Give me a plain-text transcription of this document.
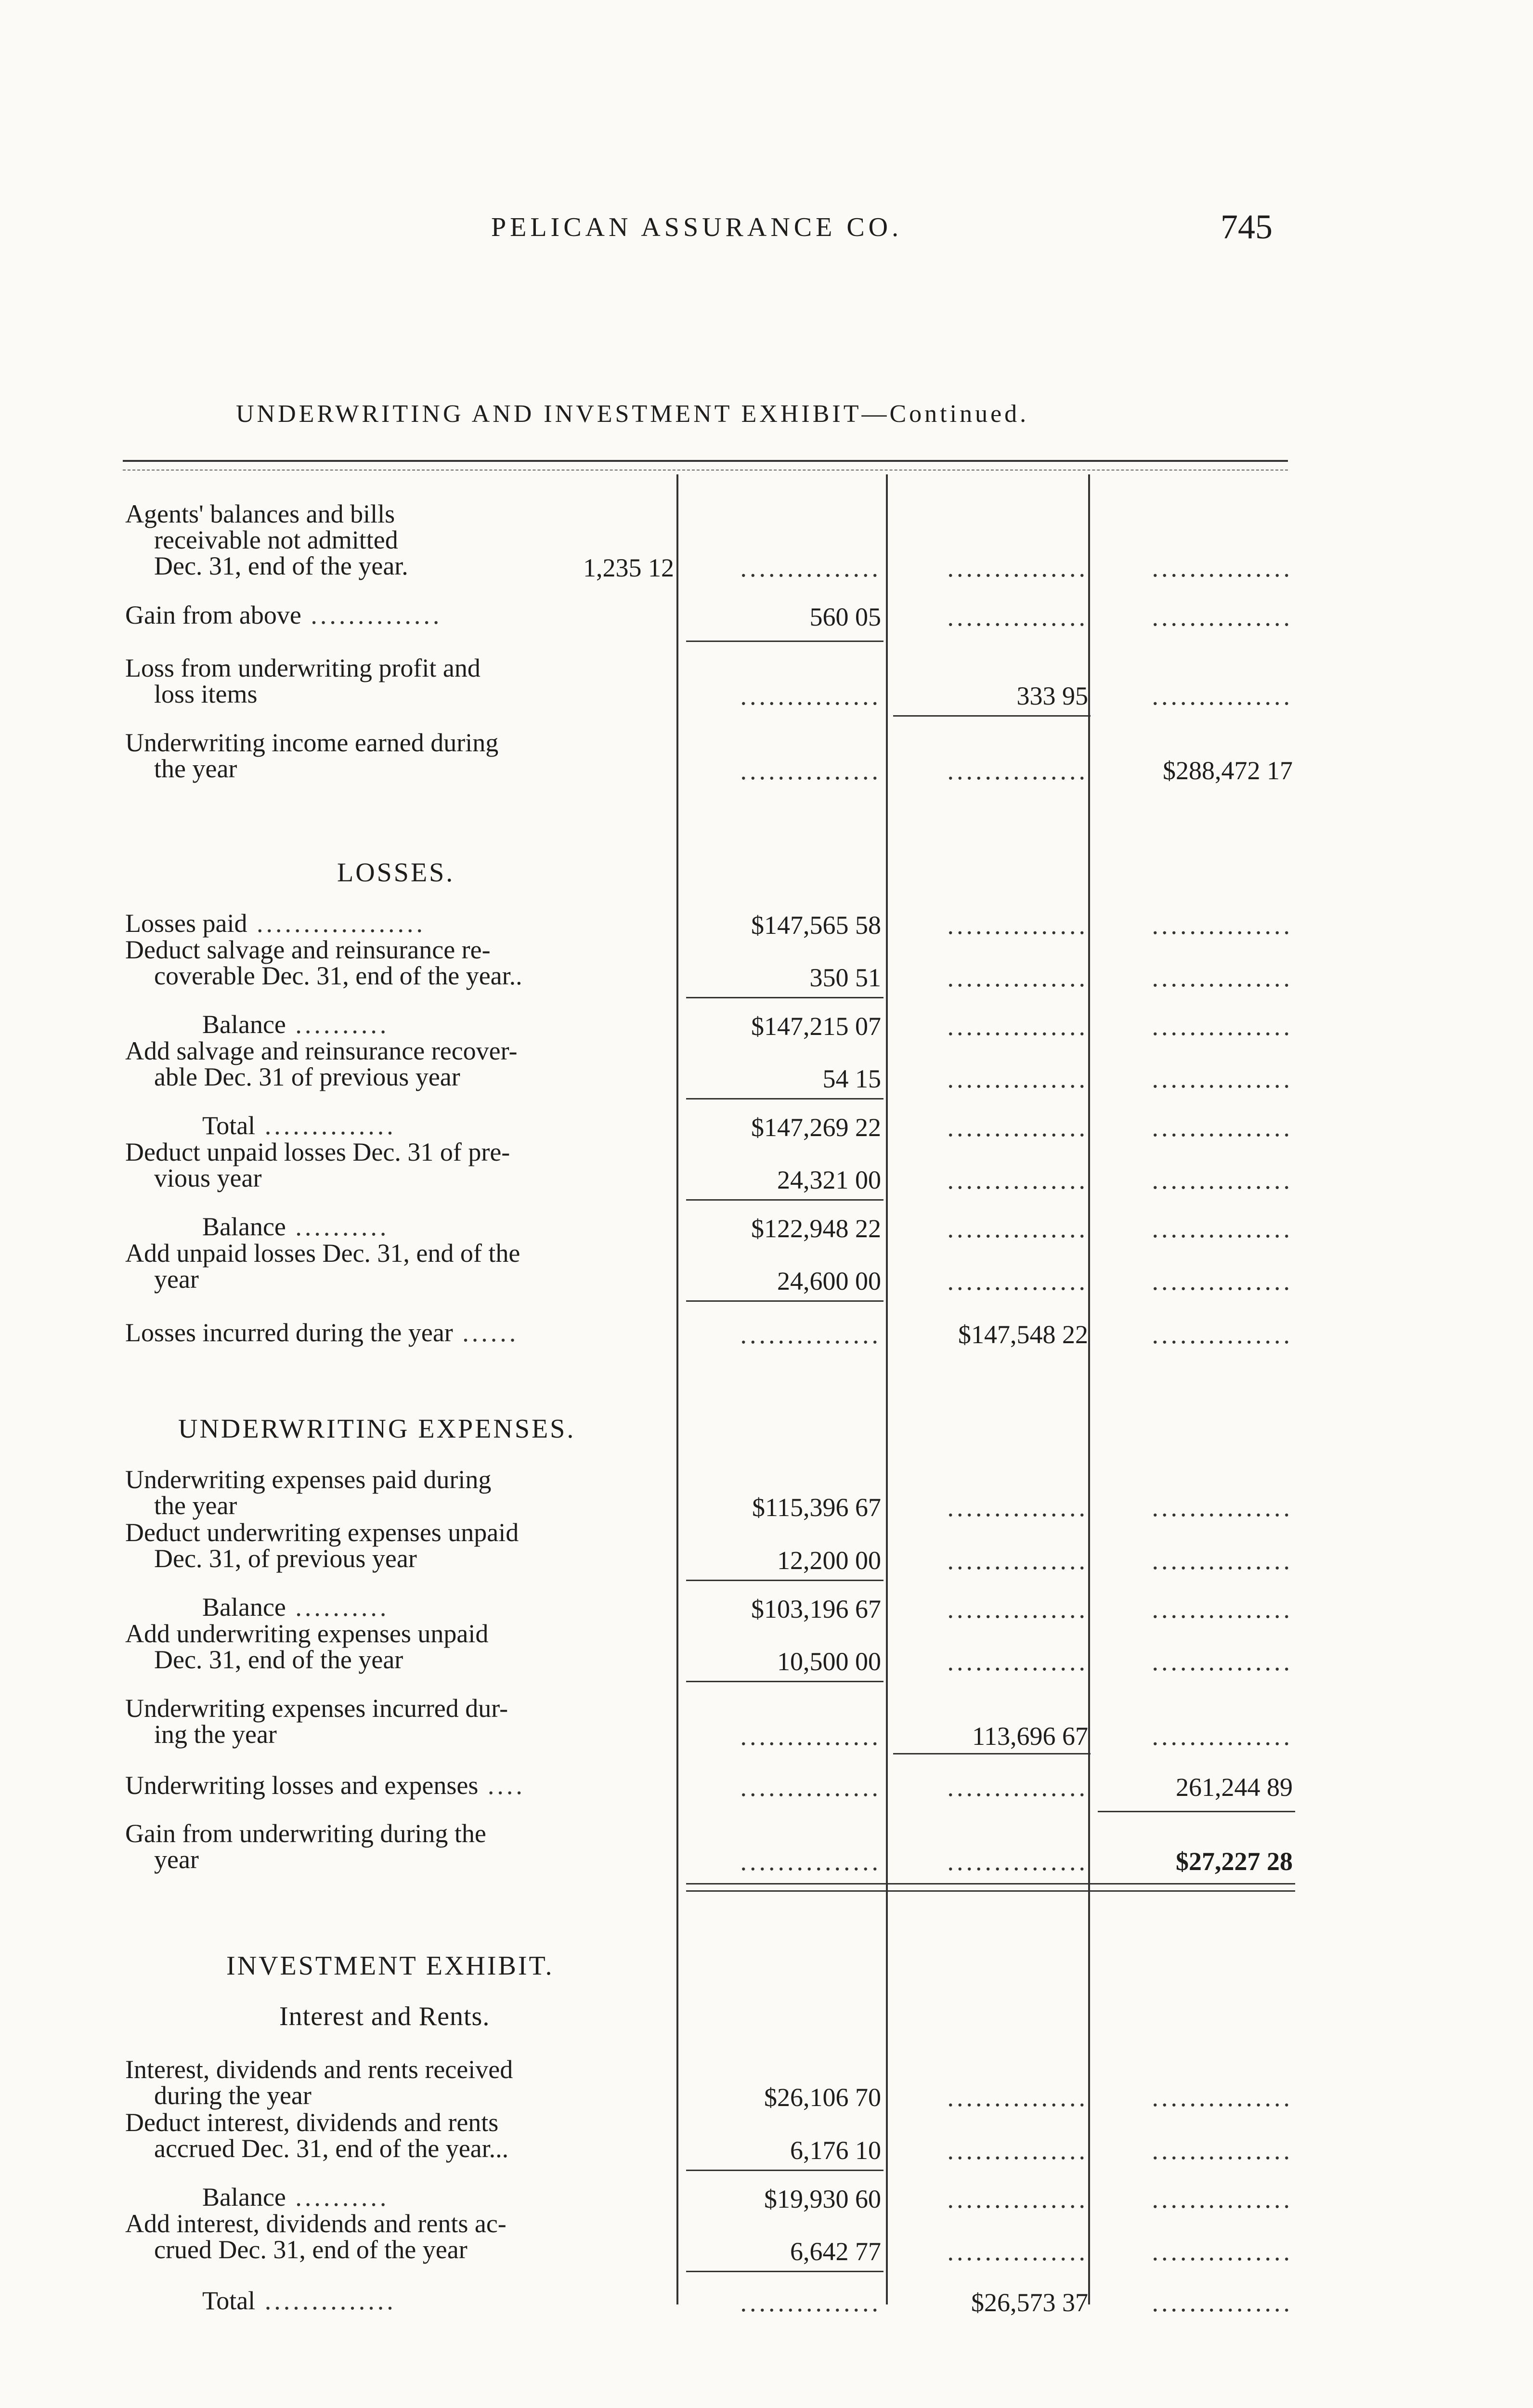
PELICAN ASSURANCE CO.	745
UNDERWRITING AND INVESTMENT EXHIBIT—Continued.
Agents' balances and bills
receivable not admitted
Dec. 31, end of the year.	1,235 12	...............	...............	...............
Gain from above ..............	560 05	...............	...............
Loss from underwriting profit and
loss items	...............	333 95	...............
Underwriting income earned during
the year	...............	...............	$288,472 17
LOSSES.
Losses paid ..................	$147,565 58	...............	...............
Deduct salvage and reinsurance re-
coverable Dec. 31, end of the year..	350 51	...............	...............
Balance ..........	$147,215 07	...............	...............
Add salvage and reinsurance recover-
able Dec. 31 of previous year	54 15	...............	...............
Total ..............	$147,269 22	...............	...............
Deduct unpaid losses Dec. 31 of pre-
vious year	24,321 00	...............	...............
Balance ..........	$122,948 22	...............	...............
Add unpaid losses Dec. 31, end of the
year	24,600 00	...............	...............
Losses incurred during the year ......	...............	$147,548 22	...............
UNDERWRITING EXPENSES.
Underwriting expenses paid during
the year	$115,396 67	...............	...............
Deduct underwriting expenses unpaid
Dec. 31, of previous year	12,200 00	...............	...............
Balance ..........	$103,196 67	...............	...............
Add underwriting expenses unpaid
Dec. 31, end of the year	10,500 00	...............	...............
Underwriting expenses incurred dur-
ing the year	...............	113,696 67	...............
Underwriting losses and expenses ....	...............	...............	261,244 89
Gain from underwriting during the
year	...............	...............	$27,227 28
INVESTMENT EXHIBIT.
Interest and Rents.
Interest, dividends and rents received
during the year	$26,106 70	...............	...............
Deduct interest, dividends and rents
accrued Dec. 31, end of the year...	6,176 10	...............	...............
Balance ..........	$19,930 60	...............	...............
Add interest, dividends and rents ac-
crued Dec. 31, end of the year	6,642 77	...............	...............
Total ..............	...............	$26,573 37	...............
